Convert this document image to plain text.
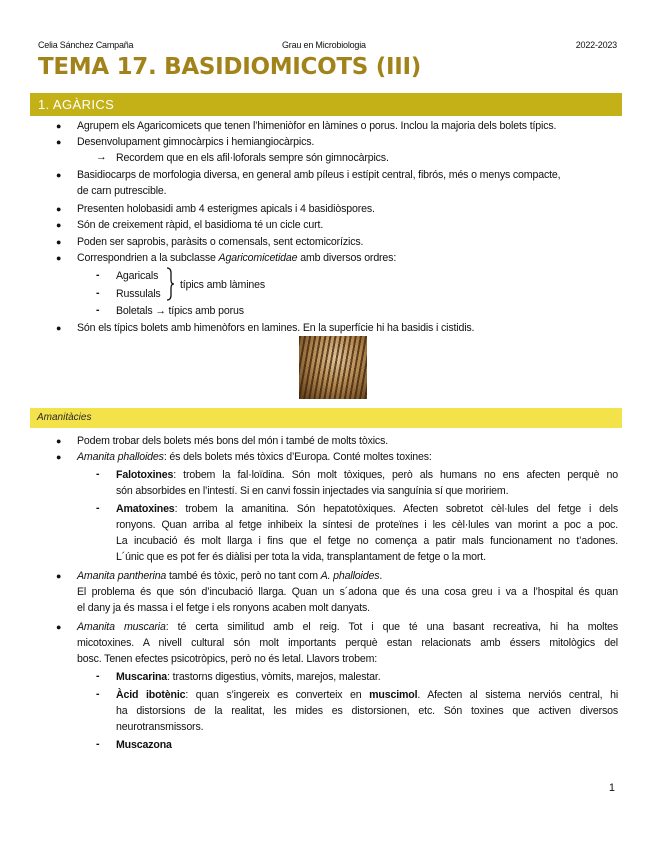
Celia Sánchez Campaña	Grau en Microbiologia	2022-2023
TEMA 17. BASIDIOMICOTS (III)
1. AGÀRICS
● Agrupem els Agaricomicets que tenen l’himeniòfor en làmines o porus. Inclou la majoria dels bolets típics.
● Desenvolupament gimnocàrpics i hemiangiocàrpics.
→ Recordem que en els afil·loforals sempre són gimnocàrpics.
● Basidiocarps de morfologia diversa, en general amb píleus i estípit central, fibrós, més o menys compacte,
de carn putrescible.
● Presenten holobasidi amb 4 esterigmes apicals i 4 basidiòspores.
● Són de creixement ràpid, el basidioma té un cicle curt.
● Poden ser saprobis, paràsits o comensals, sent ectomicorízics.
● Correspondrien a la subclasse Agaricomicetidae amb diversos ordres:
- Agaricals
- Russulals
típics amb làmines
- Boletals → típics amb porus
● Són els típics bolets amb himenòfors en lamines. En la superfície hi ha basidis i cistidis.
Amanitàcies
● Podem trobar dels bolets més bons del món i també de molts tòxics.
● Amanita phalloides: és dels bolets més tòxics d’Europa. Conté moltes toxines:
- Falotoxines: trobem la fal·loïdina. Són molt tòxiques, però als humans no ens afecten perquè no
són absorbides en l’intestí. Si en canvi fossin injectades via sanguínia sí que moririem.
- Amatoxines: trobem la amanitina. Són hepatotòxiques. Afecten sobretot cèl·lules del fetge i dels
ronyons. Quan arriba al fetge inhibeix la síntesi de proteïnes i les cèl·lules van morint a poc a poc.
La incubació és molt llarga i fins que el fetge no comença a patir mals funcionament no t’adones.
L´únic que es pot fer és diàlisi per tota la vida, transplantament de fetge o la mort.
● Amanita pantherina també és tòxic, però no tant com A. phalloides.
El problema és que són d’incubació llarga. Quan un s´adona que és una cosa greu i va a l’hospital és quan
el dany ja és massa i el fetge i els ronyons acaben molt danyats.
● Amanita muscaria: té certa similitud amb el reig. Tot i que té una basant recreativa, hi ha moltes
micotoxines. A nivell cultural són molt importants perquè estan relacionats amb éssers mitològics del
bosc. Tenen efectes psicotròpics, però no és letal. Llavors trobem:
- Muscarina: trastorns digestius, vòmits, marejos, malestar.
- Àcid ibotènic: quan s’ingereix es converteix en muscimol. Afecten al sistema nerviós central, hi
ha distorsions de la realitat, les mides es distorsionen, etc. Són toxines que activen diversos
neurotransmissors.
- Muscazona
1
